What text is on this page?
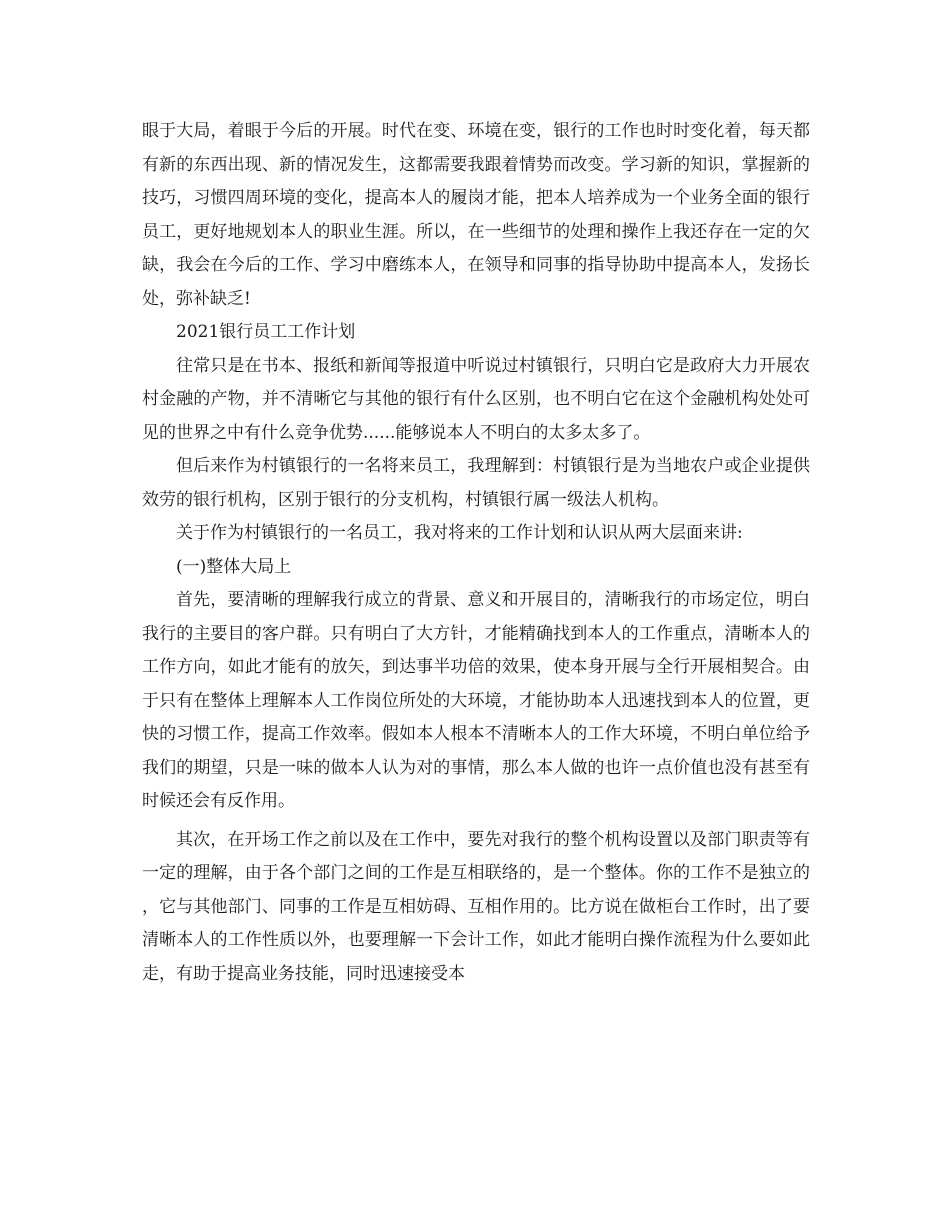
眼于大局，着眼于今后的开展。时代在变、环境在变，银行的工作也时时变化着，每天都有新的东西出现、新的情况发生，这都需要我跟着情势而改变。学习新的知识，掌握新的技巧，习惯四周环境的变化，提高本人的履岗才能，把本人培养成为一个业务全面的银行员工，更好地规划本人的职业生涯。所以，在一些细节的处理和操作上我还存在一定的欠缺，我会在今后的工作、学习中磨练本人，在领导和同事的指导协助中提高本人，发扬长处，弥补缺乏!

2021银行员工工作计划

往常只是在书本、报纸和新闻等报道中听说过村镇银行，只明白它是政府大力开展农村金融的产物，并不清晰它与其他的银行有什么区别，也不明白它在这个金融机构处处可见的世界之中有什么竞争优势......能够说本人不明白的太多太多了。

但后来作为村镇银行的一名将来员工，我理解到：村镇银行是为当地农户或企业提供效劳的银行机构，区别于银行的分支机构，村镇银行属一级法人机构。

关于作为村镇银行的一名员工，我对将来的工作计划和认识从两大层面来讲:

(一)整体大局上

首先，要清晰的理解我行成立的背景、意义和开展目的，清晰我行的市场定位，明白我行的主要目的客户群。只有明白了大方针，才能精确找到本人的工作重点，清晰本人的工作方向，如此才能有的放矢，到达事半功倍的效果，使本身开展与全行开展相契合。由于只有在整体上理解本人工作岗位所处的大环境，才能协助本人迅速找到本人的位置，更快的习惯工作，提高工作效率。假如本人根本不清晰本人的工作大环境，不明白单位给予我们的期望，只是一味的做本人认为对的事情，那么本人做的也许一点价值也没有甚至有时候还会有反作用。

其次，在开场工作之前以及在工作中，要先对我行的整个机构设置以及部门职责等有一定的理解，由于各个部门之间的工作是互相联络的，是一个整体。你的工作不是独立的，它与其他部门、同事的工作是互相妨碍、互相作用的。比方说在做柜台工作时，出了要清晰本人的工作性质以外，也要理解一下会计工作，如此才能明白操作流程为什么要如此走，有助于提高业务技能，同时迅速接受本
